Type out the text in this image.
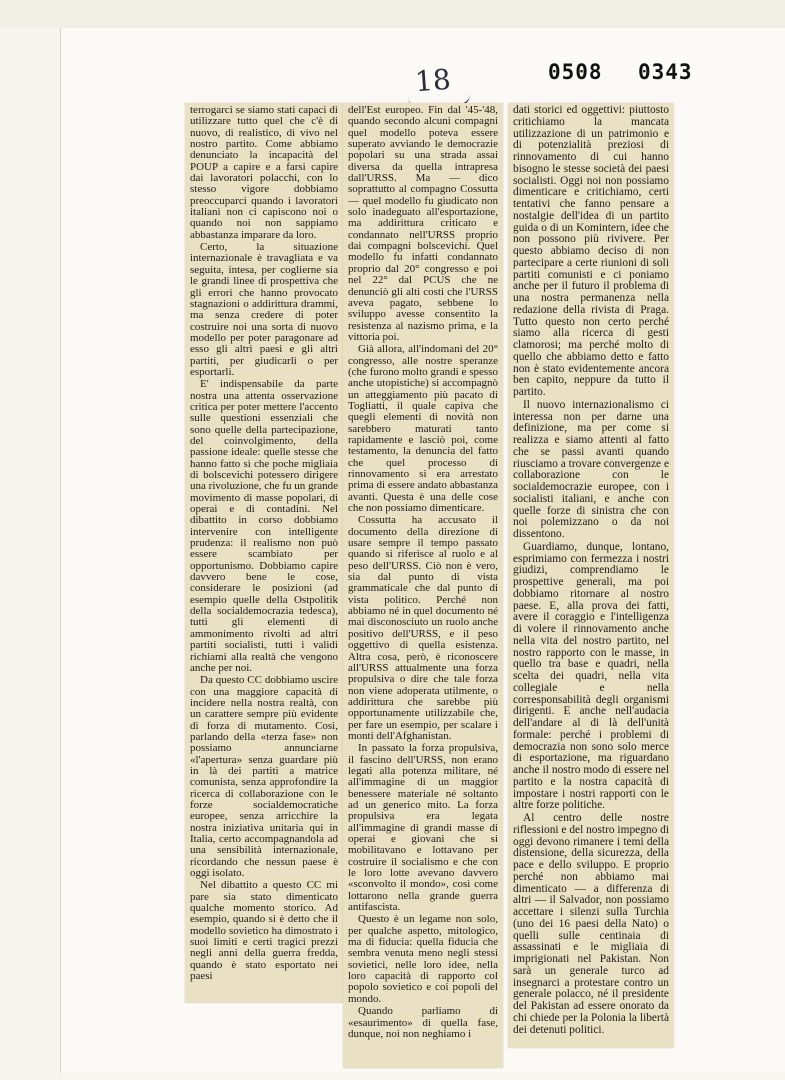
18	0508 0343

terrogarci se siamo stati capaci di utilizzare tutto quel che c'è di nuovo, di realistico, di vivo nel nostro partito. Come abbiamo denunciato la incapacità del POUP a capire e a farsi capire dai lavoratori polacchi, con lo stesso vigore dobbiamo preoccuparci quando i lavoratori italiani non ci capiscono noi o quando noi non sappiamo abbastanza imparare da loro.

Certo, la situazione internazionale è travagliata e va seguita, intesa, per coglierne sia le grandi linee di prospettiva che gli errori che hanno provocato stagnazioni o addirittura drammi, ma senza credere di poter costruire noi una sorta di nuovo modello per poter paragonare ad esso gli altri paesi e gli altri partiti, per giudicarli o per esportarli.

E' indispensabile da parte nostra una attenta osservazione critica per poter mettere l'accento sulle questioni essenziali che sono quelle della partecipazione, del coinvolgimento, della passione ideale: quelle stesse che hanno fatto sì che poche migliaia di bolscevichi potessero dirigere una rivoluzione, che fu un grande movimento di masse popolari, di operai e di contadini. Nel dibattito in corso dobbiamo intervenire con intelligente prudenza: il realismo non può essere scambiato per opportunismo. Dobbiamo capire davvero bene le cose, considerare le posizioni (ad esempio quelle della Ostpolitik della socialdemocrazia tedesca), tutti gli elementi di ammonimento rivolti ad altri partiti socialisti, tutti i validi richiami alla realtà che vengono anche per noi.

Da questo CC dobbiamo uscire con una maggiore capacità di incidere nella nostra realtà, con un carattere sempre più evidente di forza di mutamento. Così, parlando della «terza fase» non possiamo annunciarne «l'apertura» senza guardare più in là dei partiti a matrice comunista, senza approfondire la ricerca di collaborazione con le forze socialdemocratiche europee, senza arricchire la nostra iniziativa unitaria qui in Italia, certo accompagnandola ad una sensibilità internazionale, ricordando che nessun paese è oggi isolato.

Nel dibattito a questo CC mi pare sia stato dimenticato qualche momento storico. Ad esempio, quando si è detto che il modello sovietico ha dimostrato i suoi limiti e certi tragici prezzi negli anni della guerra fredda, quando è stato esportato nei paesi

dell'Est europeo. Fin dal '45-'48, quando secondo alcuni compagni quel modello poteva essere superato avviando le democrazie popolari su una strada assai diversa da quella intrapresa dall'URSS. Ma — dico soprattutto al compagno Cossutta — quel modello fu giudicato non solo inadeguato all'esportazione, ma addirittura criticato e condannato nell'URSS proprio dai compagni bolscevichi. Quel modello fu infatti condannato proprio dal 20° congresso e poi nel 22° dal PCUS che ne denunciò gli alti costi che l'URSS aveva pagato, sebbene lo sviluppo avesse consentito la resistenza al nazismo prima, e la vittoria poi.

Già allora, all'indomani del 20° congresso, alle nostre speranze (che furono molto grandi e spesso anche utopistiche) si accompagnò un atteggiamento più pacato di Togliatti, il quale capiva che quegli elementi di novità non sarebbero maturati tanto rapidamente e lasciò poi, come testamento, la denuncia del fatto che quel processo di rinnovamento si era arrestato prima di essere andato abbastanza avanti. Questa è una delle cose che non possiamo dimenticare.

Cossutta ha accusato il documento della direzione di usare sempre il tempo passato quando si riferisce al ruolo e al peso dell'URSS. Ciò non è vero, sia dal punto di vista grammaticale che dal punto di vista politico. Perché non abbiamo né in quel documento né mai disconosciuto un ruolo anche positivo dell'URSS, e il peso oggettivo di quella esistenza. Altra cosa, però, è riconoscere all'URSS attualmente una forza propulsiva o dire che tale forza non viene adoperata utilmente, o addirittura che sarebbe più opportunamente utilizzabile che, per fare un esempio, per scalare i monti dell'Afghanistan.

In passato la forza propulsiva, il fascino dell'URSS, non erano legati alla potenza militare, né all'immagine di un maggior benessere materiale né soltanto ad un generico mito. La forza propulsiva era legata all'immagine di grandi masse di operai e giovani che si mobilitavano e lottavano per costruire il socialismo e che con le loro lotte avevano davvero «sconvolto il mondo», così come lottarono nella grande guerra antifascista.

Questo è un legame non solo, per qualche aspetto, mitologico, ma di fiducia: quella fiducia che sembra venuta meno negli stessi sovietici, nelle loro idee, nella loro capacità di rapporto col popolo sovietico e coi popoli del mondo.

Quando parliamo di «esaurimento» di quella fase, dunque, noi non neghiamo i

dati storici ed oggettivi: piuttosto critichiamo la mancata utilizzazione di un patrimonio e di potenzialità preziosi di rinnovamento di cui hanno bisogno le stesse società dei paesi socialisti. Oggi noi non possiamo dimenticare e critichiamo, certi tentativi che fanno pensare a nostalgie dell'idea di un partito guida o di un Komintern, idee che non possono più rivivere. Per questo abbiamo deciso di non partecipare a certe riunioni di soli partiti comunisti e ci poniamo anche per il futuro il problema di una nostra permanenza nella redazione della rivista di Praga. Tutto questo non certo perché siamo alla ricerca di gesti clamorosi; ma perché molto di quello che abbiamo detto e fatto non è stato evidentemente ancora ben capito, neppure da tutto il partito.

Il nuovo internazionalismo ci interessa non per darne una definizione, ma per come si realizza e siamo attenti al fatto che se passi avanti quando riusciamo a trovare convergenze e collaborazione con le socialdemocrazie europee, con i socialisti italiani, e anche con quelle forze di sinistra che con noi polemizzano o da noi dissentono.

Guardiamo, dunque, lontano, esprimiamo con fermezza i nostri giudizi, comprendiamo le prospettive generali, ma poi dobbiamo ritornare al nostro paese. E, alla prova dei fatti, avere il coraggio e l'intelligenza di volere il rinnovamento anche nella vita del nostro partito, nel nostro rapporto con le masse, in quello tra base e quadri, nella scelta dei quadri, nella vita collegiale e nella corresponsabilità degli organismi dirigenti. E anche nell'audacia dell'andare al di là dell'unità formale: perché i problemi di democrazia non sono solo merce di esportazione, ma riguardano anche il nostro modo di essere nel partito e la nostra capacità di impostare i nostri rapporti con le altre forze politiche.

Al centro delle nostre riflessioni e del nostro impegno di oggi devono rimanere i temi della distensione, della sicurezza, della pace e dello sviluppo. E proprio perché non abbiamo mai dimenticato — a differenza di altri — il Salvador, non possiamo accettare i silenzi sulla Turchia (uno dei 16 paesi della Nato) o quelli sulle centinaia di assassinati e le migliaia di imprigionati nel Pakistan. Non sarà un generale turco ad insegnarci a protestare contro un generale polacco, né il presidente del Pakistan ad essere onorato da chi chiede per la Polonia la libertà dei detenuti politici.
